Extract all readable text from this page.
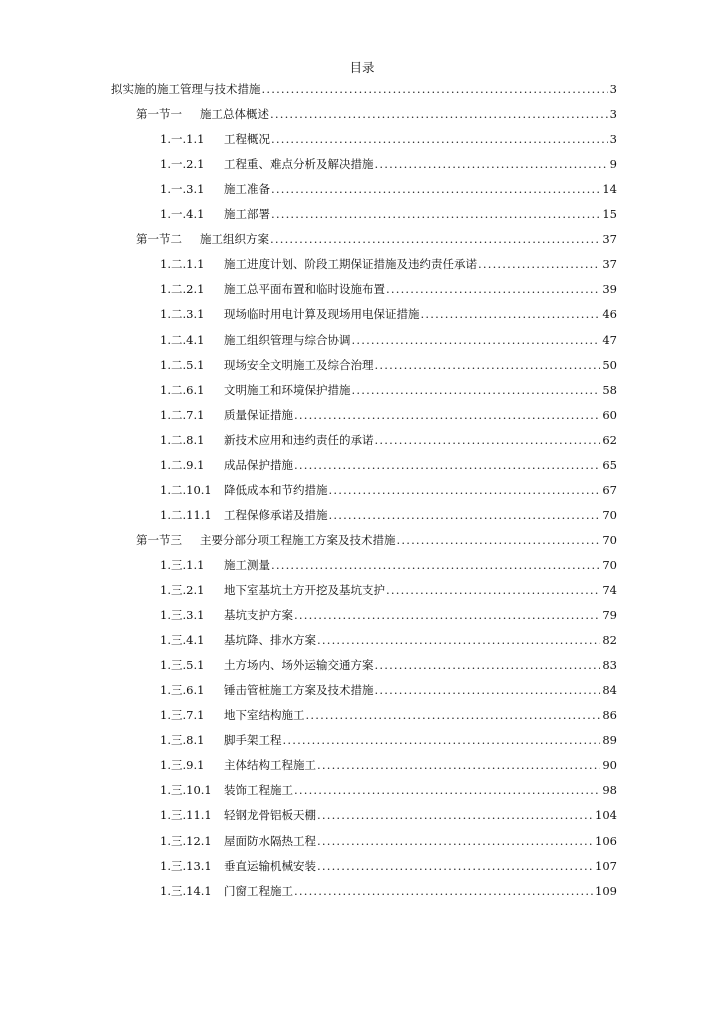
目录
拟实施的施工管理与技术措施 .....	3
第一节一	施工总体概述 .....	3
1.一.1.1	工程概况 .....	3
1.一.2.1	工程重、难点分析及解决措施 .....	9
1.一.3.1	施工准备 .....	14
1.一.4.1	施工部署 .....	15
第一节二	施工组织方案 .....	37
1.二.1.1	施工进度计划、阶段工期保证措施及违约责任承诺 .....	37
1.二.2.1	施工总平面布置和临时设施布置 .....	39
1.二.3.1	现场临时用电计算及现场用电保证措施 .....	46
1.二.4.1	施工组织管理与综合协调 .....	47
1.二.5.1	现场安全文明施工及综合治理 .....	50
1.二.6.1	文明施工和环境保护措施 .....	58
1.二.7.1	质量保证措施 .....	60
1.二.8.1	新技术应用和违约责任的承诺 .....	62
1.二.9.1	成品保护措施 .....	65
1.二.10.1	降低成本和节约措施 .....	67
1.二.11.1	工程保修承诺及措施 .....	70
第一节三	主要分部分项工程施工方案及技术措施 .....	70
1.三.1.1	施工测量 .....	70
1.三.2.1	地下室基坑土方开挖及基坑支护 .....	74
1.三.3.1	基坑支护方案 .....	79
1.三.4.1	基坑降、排水方案 .....	82
1.三.5.1	土方场内、场外运输交通方案 .....	83
1.三.6.1	锤击管桩施工方案及技术措施 .....	84
1.三.7.1	地下室结构施工 .....	86
1.三.8.1	脚手架工程 .....	89
1.三.9.1	主体结构工程施工 .....	90
1.三.10.1	装饰工程施工 .....	98
1.三.11.1	轻钢龙骨铝板天棚 .....	104
1.三.12.1	屋面防水隔热工程 .....	106
1.三.13.1	垂直运输机械安装 .....	107
1.三.14.1	门窗工程施工 .....	109
